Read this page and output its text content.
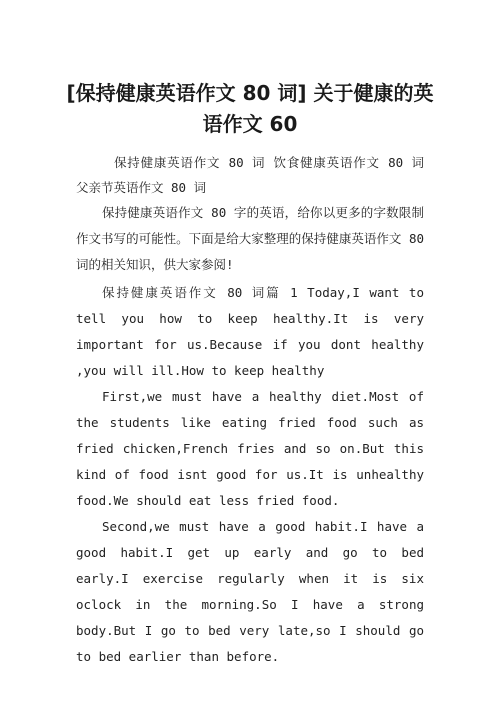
[保持健康英语作文 80 词] 关于健康的英语作文 60

保持健康英语作文 80 词 饮食健康英语作文 80 词 父亲节英语作文 80 词

保持健康英语作文 80 字的英语，给你以更多的字数限制作文书写的可能性。下面是给大家整理的保持健康英语作文 80 词的相关知识，供大家参阅!

保持健康英语作文 80 词篇 1 Today,I want to tell you how to keep healthy.It is very important for us.Because if you dont healthy ,you will ill.How to keep healthy

First,we must have a healthy diet.Most of the students like eating fried food such as fried chicken,French fries and so on.But this kind of food isnt good for us.It is unhealthy food.We should eat less fried food.

Second,we must have a good habit.I have a good habit.I get up early and go to bed early.I exercise regularly when it is six oclock in the morning.So I have a strong body.But I go to bed very late,so I should go to bed earlier than before.
